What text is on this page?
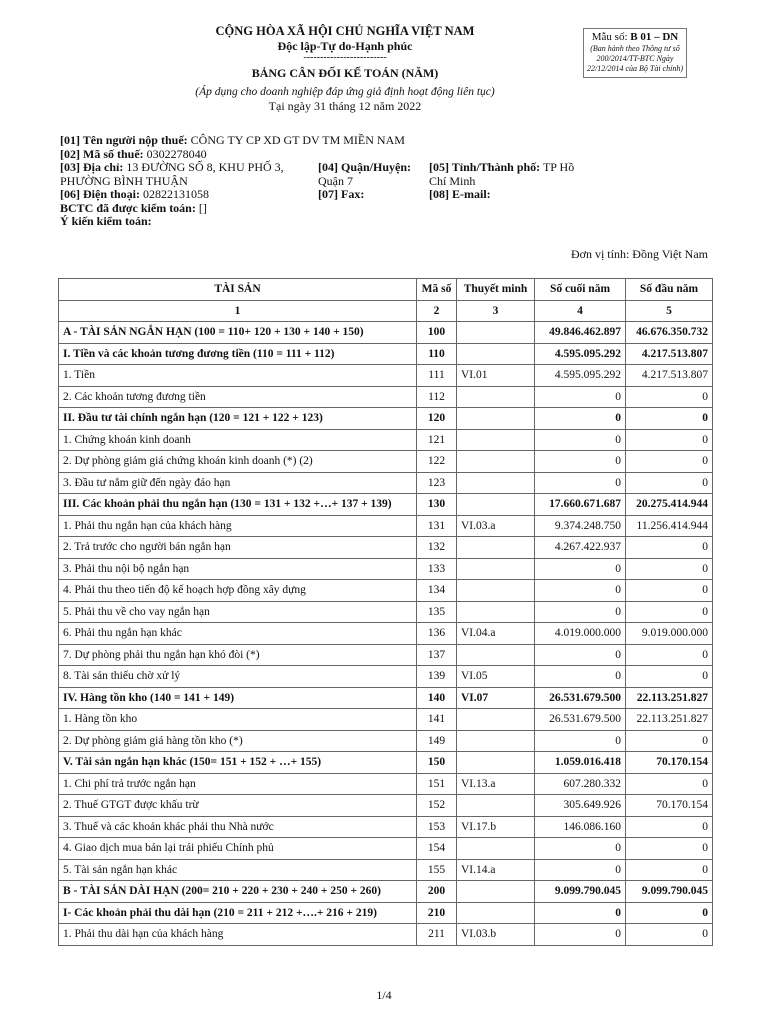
CỘNG HÒA XÃ HỘI CHỦ NGHĨA VIỆT NAM
Độc lập-Tự do-Hạnh phúc
-------------------------
BẢNG CÂN ĐỐI KẾ TOÁN (NĂM)
(Áp dụng cho doanh nghiệp đáp ứng giả định hoạt động liên tục)
Tại ngày 31 tháng 12 năm 2022
Mẫu số: B 01 – DN
(Ban hành theo Thông tư số 200/2014/TT-BTC Ngày 22/12/2014 của Bộ Tài chính)
[01] Tên người nộp thuế: CÔNG TY CP XD GT DV TM MIỀN NAM
[02] Mã số thuế: 0302278040
[03] Địa chỉ: 13 ĐƯỜNG SỐ 8, KHU PHỐ 3,
PHƯỜNG BÌNH THUẬN
[04] Quận/Huyện:
Quận 7
[05] Tỉnh/Thành phố: TP Hồ
Chí Minh
[06] Điện thoại: 02822131058	[07] Fax:	[08] E-mail:
BCTC đã được kiểm toán: []
Ý kiến kiểm toán:
Đơn vị tính: Đồng Việt Nam
TÀI SẢN	Mã số	Thuyết minh	Số cuối năm	Số đầu năm
1	2	3	4	5
A - TÀI SẢN NGẮN HẠN (100 = 110+ 120 + 130 + 140 + 150)	100		49.846.462.897	46.676.350.732
I. Tiền và các khoản tương đương tiền (110 = 111 + 112)	110		4.595.095.292	4.217.513.807
1. Tiền	111	VI.01	4.595.095.292	4.217.513.807
2. Các khoản tương đương tiền	112		0	0
II. Đầu tư tài chính ngắn hạn (120 = 121 + 122 + 123)	120		0	0
1. Chứng khoán kinh doanh	121		0	0
2. Dự phòng giảm giá chứng khoán kinh doanh (*) (2)	122		0	0
3. Đầu tư nắm giữ đến ngày đáo hạn	123		0	0
III. Các khoản phải thu ngắn hạn (130 = 131 + 132 +…+ 137 + 139)	130		17.660.671.687	20.275.414.944
1. Phải thu ngắn hạn của khách hàng	131	VI.03.a	9.374.248.750	11.256.414.944
2. Trả trước cho người bán ngắn hạn	132		4.267.422.937	0
3. Phải thu nội bộ ngắn hạn	133		0	0
4. Phải thu theo tiến độ kế hoạch hợp đồng xây dựng	134		0	0
5. Phải thu về cho vay ngắn hạn	135		0	0
6. Phải thu ngắn hạn khác	136	VI.04.a	4.019.000.000	9.019.000.000
7. Dự phòng phải thu ngắn hạn khó đòi (*)	137		0	0
8. Tài sản thiếu chờ xử lý	139	VI.05	0	0
IV. Hàng tồn kho (140 = 141 + 149)	140	VI.07	26.531.679.500	22.113.251.827
1. Hàng tồn kho	141		26.531.679.500	22.113.251.827
2. Dự phòng giảm giá hàng tồn kho (*)	149		0	0
V. Tài sản ngắn hạn khác (150= 151 + 152 + …+ 155)	150		1.059.016.418	70.170.154
1. Chi phí trả trước ngắn hạn	151	VI.13.a	607.280.332	0
2. Thuế GTGT được khấu trừ	152		305.649.926	70.170.154
3. Thuế và các khoản khác phải thu Nhà nước	153	VI.17.b	146.086.160	0
4. Giao dịch mua bán lại trái phiếu Chính phủ	154		0	0
5. Tài sản ngắn hạn khác	155	VI.14.a	0	0
B - TÀI SẢN DÀI HẠN (200= 210 + 220 + 230 + 240 + 250 + 260)	200		9.099.790.045	9.099.790.045
I- Các khoản phải thu dài hạn (210 = 211 + 212 +….+ 216 + 219)	210		0	0
1. Phải thu dài hạn của khách hàng	211	VI.03.b	0	0
1/4
